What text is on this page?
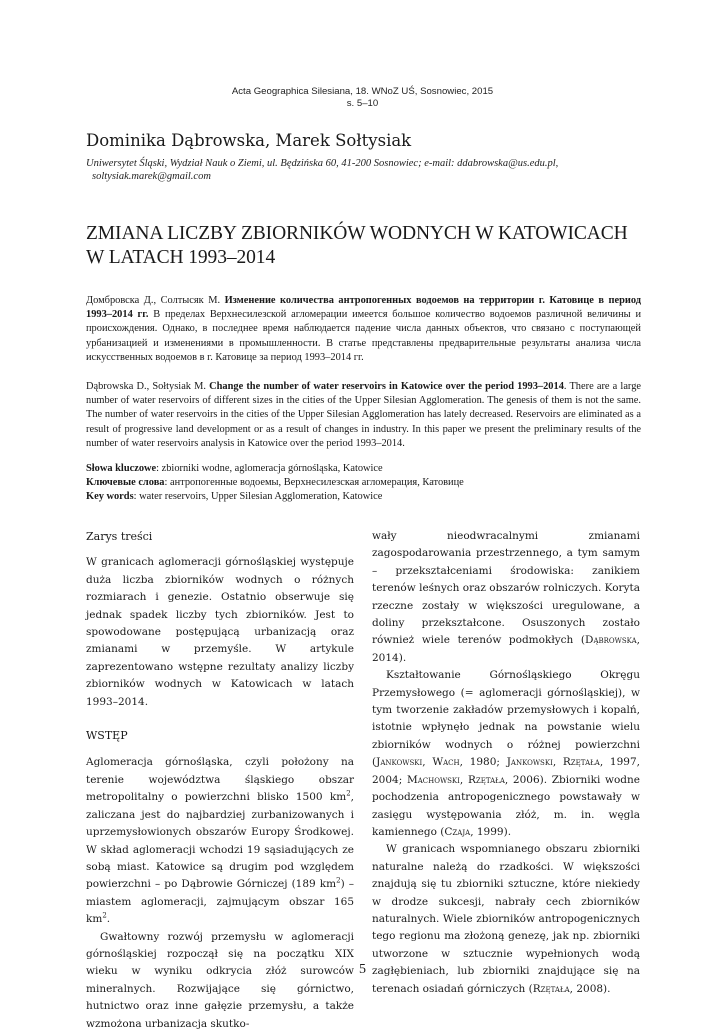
Acta Geographica Silesiana, 18. WNoZ UŚ, Sosnowiec, 2015
s. 5–10
Dominika Dąbrowska, Marek Sołtysiak
Uniwersytet Śląski, Wydział Nauk o Ziemi, ul. Będzińska 60, 41-200 Sosnowiec; e-mail: ddabrowska@us.edu.pl,
soltysiak.marek@gmail.com
ZMIANA LICZBY ZBIORNIKÓW WODNYCH W KATOWICACH
W LATACH 1993–2014
Домбровска Д., Солтысяк М. Изменение количества антропогенных водоемов на территории г. Катовице в период 1993–2014 гг. В пределах Верхнесилезской агломерации имеется большое количество водоемов различной величины и происхождения. Однако, в последнее время наблюдается падение числа данных объектов, что связано с поступающей урбанизацией и изменениями в промышленности. В статье представлены предварительные результаты анализа числа искусственных водоемов в г. Катовице за период 1993–2014 гг.
Dąbrowska D., Sołtysiak M. Change the number of water reservoirs in Katowice over the period 1993–2014. There are a large number of water reservoirs of different sizes in the cities of the Upper Silesian Agglomeration. The genesis of them is not the same. The number of water reservoirs in the cities of the Upper Silesian Agglomeration has lately decreased. Reservoirs are eliminated as a result of progressive land development or as a result of changes in industry. In this paper we present the preliminary results of the number of water reservoirs analysis in Katowice over the period 1993–2014.
Słowa kluczowe: zbiorniki wodne, aglomeracja górnośląska, Katowice
Ключевые слова: антропогенные водоемы, Верхнесилезская агломерация, Катовице
Key words: water reservoirs, Upper Silesian Agglomeration, Katowice

Zarys treści

W granicach aglomeracji górnośląskiej występuje duża liczba zbiorników wodnych o różnych rozmiarach i genezie. Ostatnio obserwuje się jednak spadek liczby tych zbiorników. Jest to spowodowane postępującą urbanizacją oraz zmianami w przemyśle. W artykule zaprezentowano wstępne rezultaty analizy liczby zbiorników wodnych w Katowicach w latach 1993–2014.

WSTĘP

Aglomeracja górnośląska, czyli położony na terenie województwa śląskiego obszar metropolitalny o powierzchni blisko 1500 $km^2$, zaliczana jest do najbardziej zurbanizowanych i uprzemysłowionych obszarów Europy Środkowej. W skład aglomeracji wchodzi 19 sąsiadujących ze sobą miast. Katowice są drugim pod względem powierzchni – po Dąbrowie Górniczej (189 $km^2$) – miastem aglomeracji, zajmującym obszar 165 $km^2$.

Gwałtowny rozwój przemysłu w aglomeracji górnośląskiej rozpoczął się na początku XIX wieku w wyniku odkrycia złóż surowców mineralnych. Rozwijające się górnictwo, hutnictwo oraz inne gałęzie przemysłu, a także wzmożona urbanizacja skutko-

wały nieodwracalnymi zmianami zagospodarowania przestrzennego, a tym samym – przekształceniami środowiska: zanikiem terenów leśnych oraz obszarów rolniczych. Koryta rzeczne zostały w większości uregulowane, a doliny przekształcone. Osuszonych zostało również wiele terenów podmokłych (Dąbrowska, 2014).

Kształtowanie Górnośląskiego Okręgu Przemysłowego (= aglomeracji górnośląskiej), w tym tworzenie zakładów przemysłowych i kopalń, istotnie wpłynęło jednak na powstanie wielu zbiorników wodnych o różnej powierzchni (Jankowski, Wach, 1980; Jankowski, Rzętała, 1997, 2004; Machowski, Rzętała, 2006). Zbiorniki wodne pochodzenia antropogenicznego powstawały w zasięgu występowania złóż, m. in. węgla kamiennego (Czaja, 1999).

W granicach wspomnianego obszaru zbiorniki naturalne należą do rzadkości. W większości znajdują się tu zbiorniki sztuczne, które niekiedy w drodze sukcesji, nabrały cech zbiorników naturalnych. Wiele zbiorników antropogenicznych tego regionu ma złożoną genezę, jak np. zbiorniki utworzone w sztucznie wypełnionych wodą zagłębieniach, lub zbiorniki znajdujące się na terenach osiadań górniczych (Rzętała, 2008).

5
